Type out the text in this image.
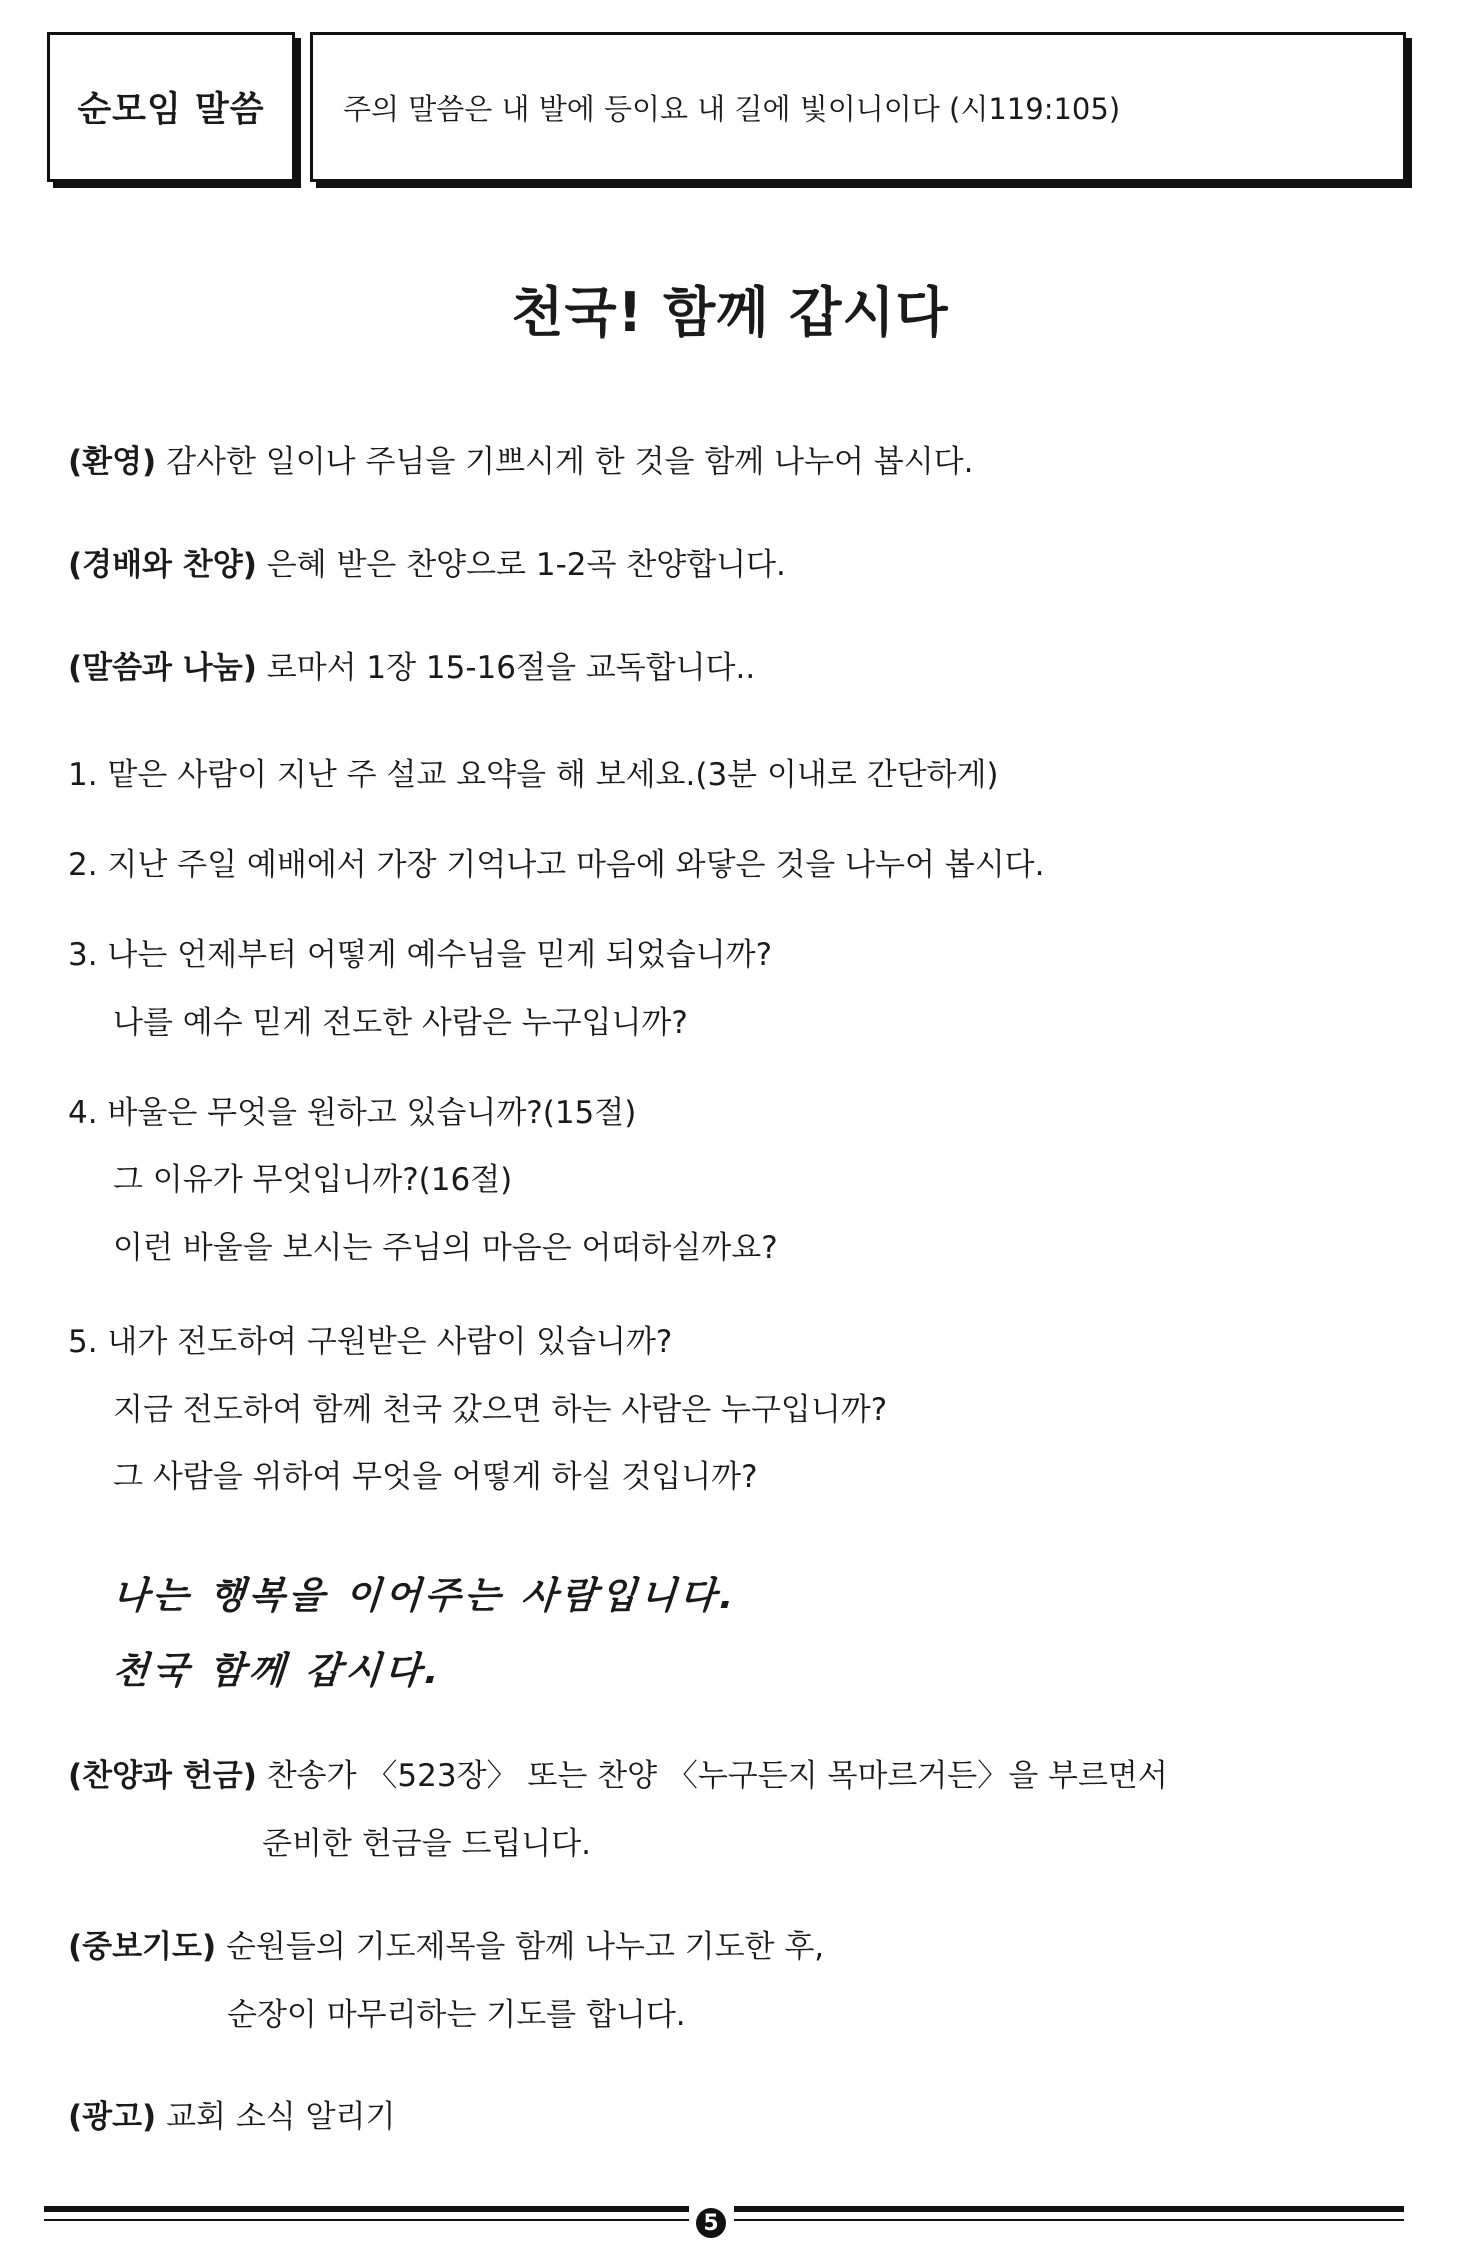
순모임 말씀	주의 말씀은 내 발에 등이요 내 길에 빛이니이다 (시119:105)
천국! 함께 갑시다
(환영) 감사한 일이나 주님을 기쁘시게 한 것을 함께 나누어 봅시다.
(경배와 찬양) 은혜 받은 찬양으로 1-2곡 찬양합니다.
(말씀과 나눔) 로마서 1장 15-16절을 교독합니다..
1. 맡은 사람이 지난 주 설교 요약을 해 보세요.(3분 이내로 간단하게)
2. 지난 주일 예배에서 가장 기억나고 마음에 와닿은 것을 나누어 봅시다.
3. 나는 언제부터 어떻게 예수님을 믿게 되었습니까?
나를 예수 믿게 전도한 사람은 누구입니까?
4. 바울은 무엇을 원하고 있습니까?(15절)
그 이유가 무엇입니까?(16절)
이런 바울을 보시는 주님의 마음은 어떠하실까요?
5. 내가 전도하여 구원받은 사람이 있습니까?
지금 전도하여 함께 천국 갔으면 하는 사람은 누구입니까?
그 사람을 위하여 무엇을 어떻게 하실 것입니까?
나는 행복을 이어주는 사람입니다.
천국 함께 갑시다.
(찬양과 헌금) 찬송가 〈523장〉 또는 찬양 〈누구든지 목마르거든〉을 부르면서
준비한 헌금을 드립니다.
(중보기도) 순원들의 기도제목을 함께 나누고 기도한 후,
순장이 마무리하는 기도를 합니다.
(광고) 교회 소식 알리기
5
